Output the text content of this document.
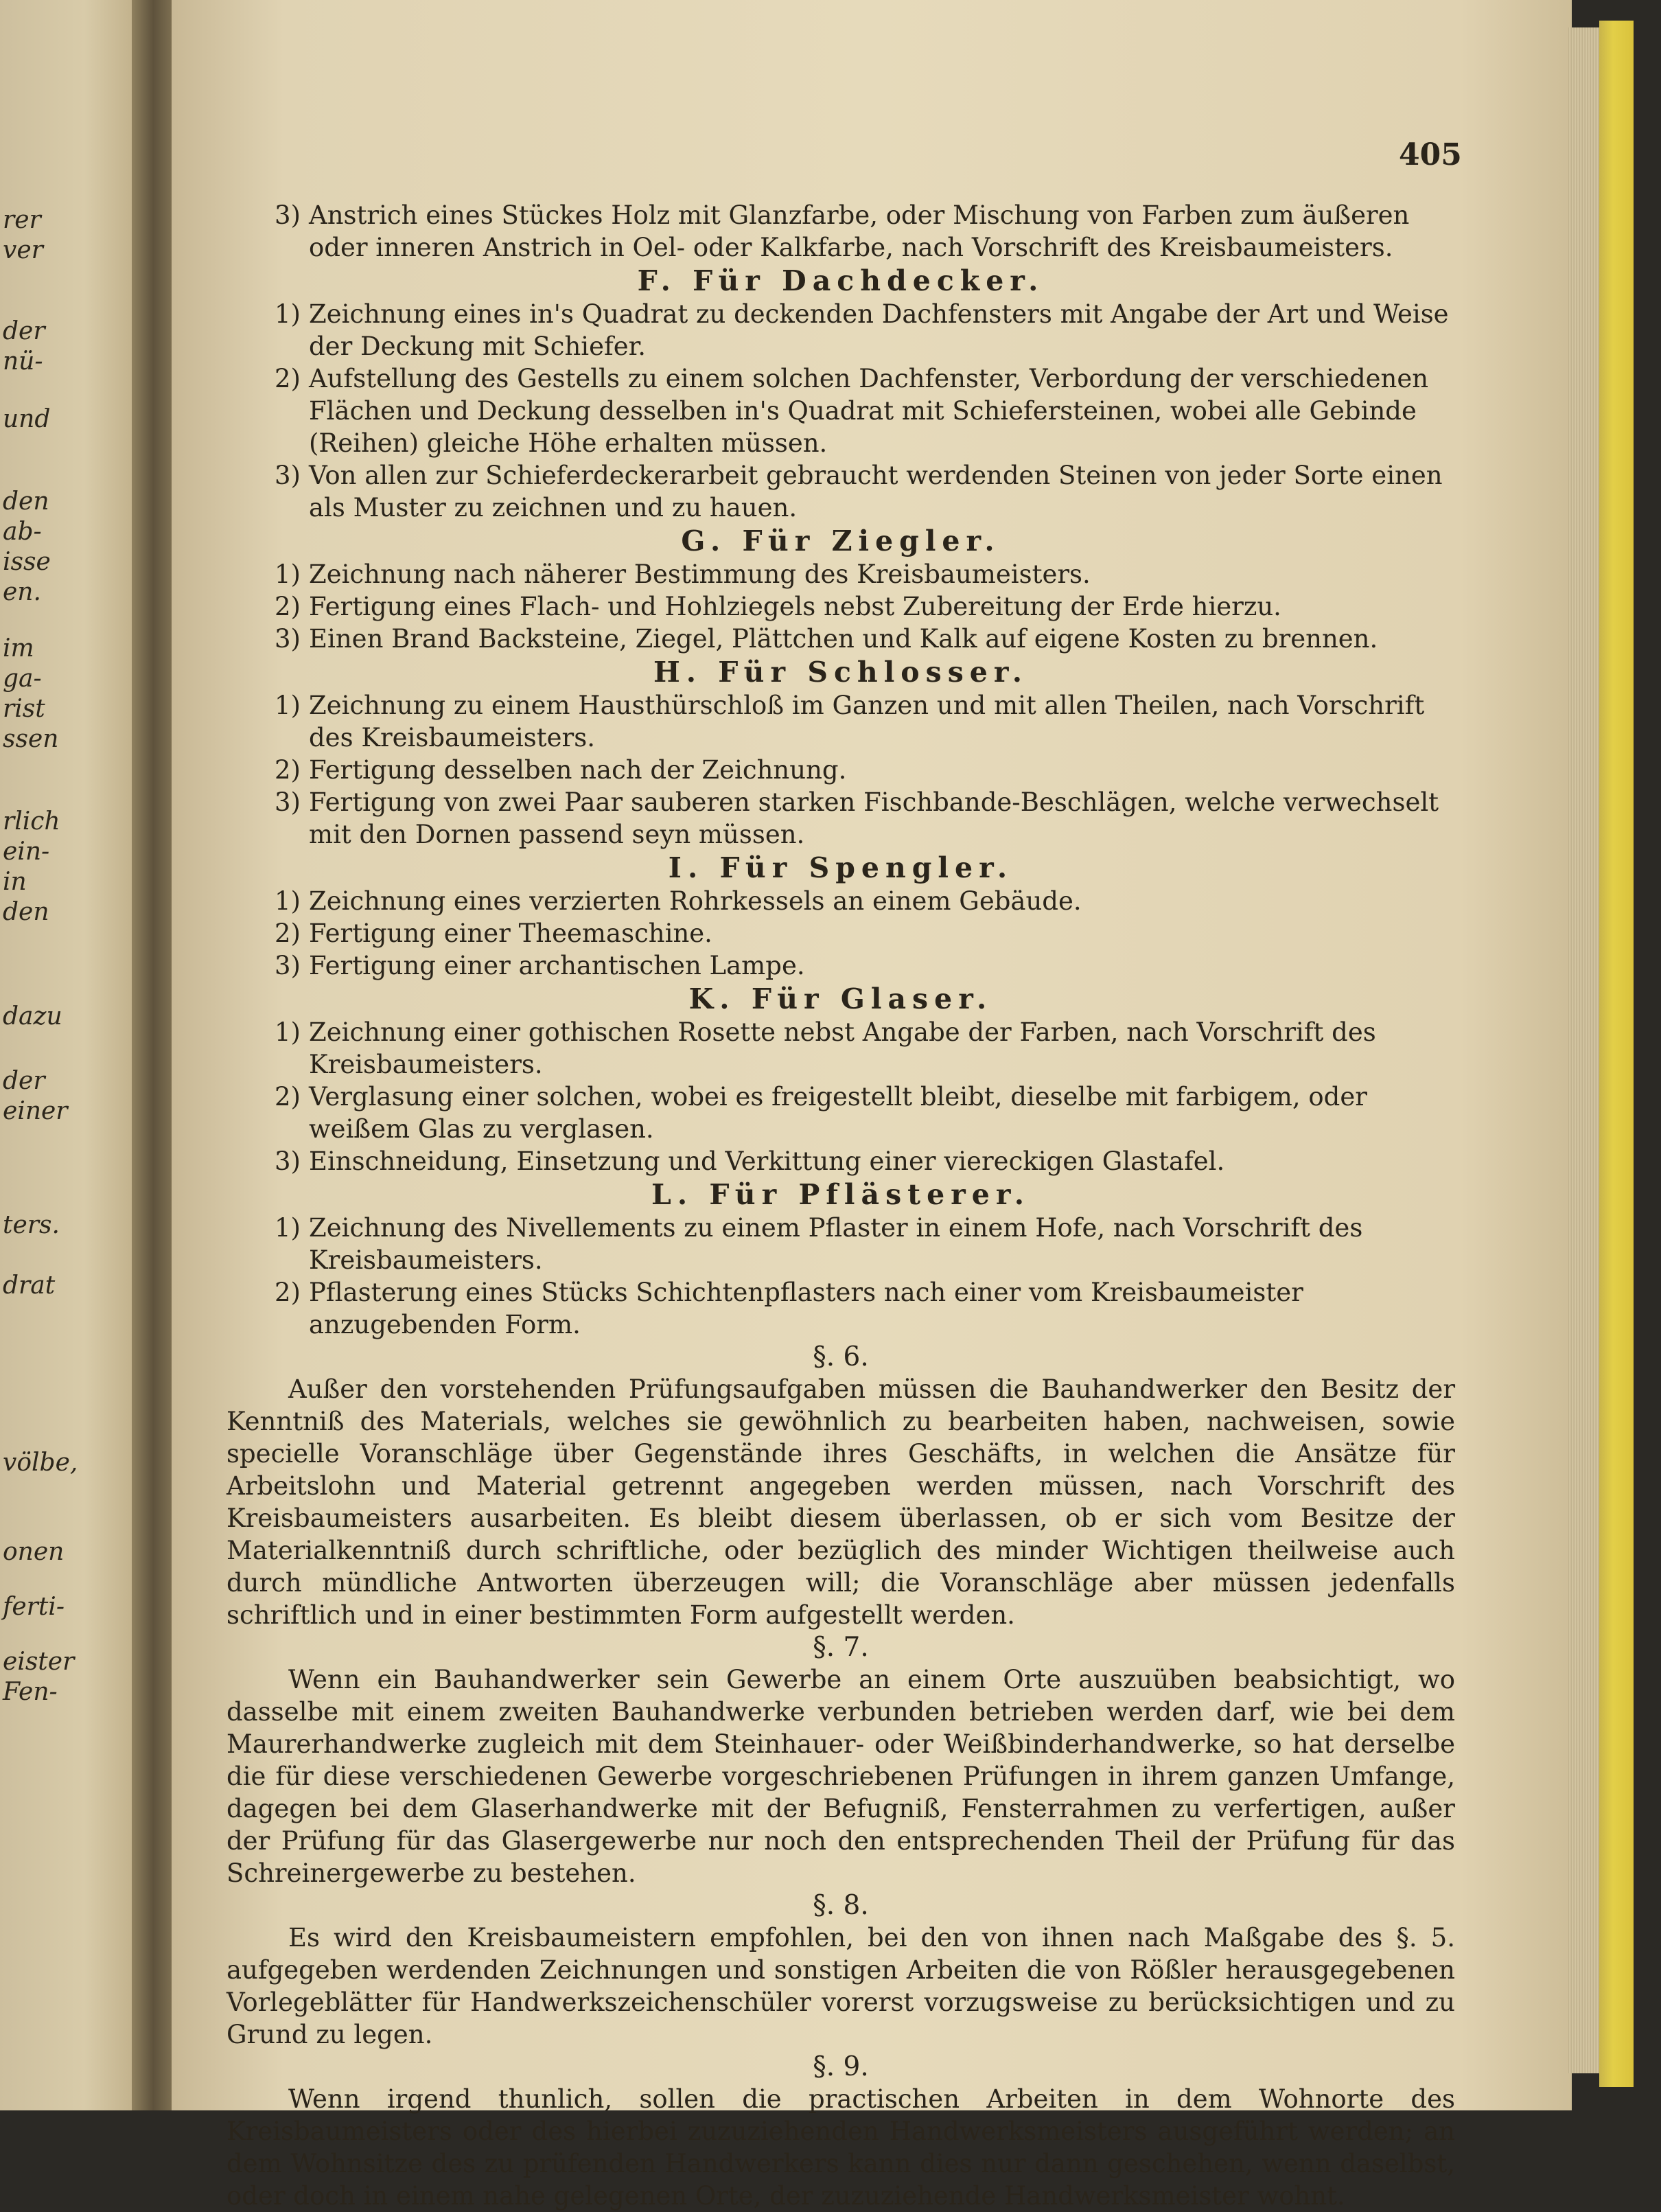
rer
ver
der
nü-
und
den
ab-
isse
en.
im
ga-
rist
ssen
rlich
ein-
in
den
dazu
der
einer
ters.
drat
völbe,
onen
ferti-
eister
Fen-
405
3) Anstrich eines Stückes Holz mit Glanzfarbe, oder Mischung von Farben zum äußeren oder inneren Anstrich in Oel- oder Kalkfarbe, nach Vorschrift des Kreisbaumeisters.
F. Für Dachdecker.
1) Zeichnung eines in's Quadrat zu deckenden Dachfensters mit Angabe der Art und Weise der Deckung mit Schiefer.
2) Aufstellung des Gestells zu einem solchen Dachfenster, Verbordung der verschiedenen Flächen und Deckung desselben in's Quadrat mit Schiefersteinen, wobei alle Gebinde (Reihen) gleiche Höhe erhalten müssen.
3) Von allen zur Schieferdeckerarbeit gebraucht werdenden Steinen von jeder Sorte einen als Muster zu zeichnen und zu hauen.
G. Für Ziegler.
1) Zeichnung nach näherer Bestimmung des Kreisbaumeisters.
2) Fertigung eines Flach- und Hohlziegels nebst Zubereitung der Erde hierzu.
3) Einen Brand Backsteine, Ziegel, Plättchen und Kalk auf eigene Kosten zu brennen.
H. Für Schlosser.
1) Zeichnung zu einem Hausthürschloß im Ganzen und mit allen Theilen, nach Vorschrift des Kreisbaumeisters.
2) Fertigung desselben nach der Zeichnung.
3) Fertigung von zwei Paar sauberen starken Fischbande-Beschlägen, welche verwechselt mit den Dornen passend seyn müssen.
I. Für Spengler.
1) Zeichnung eines verzierten Rohrkessels an einem Gebäude.
2) Fertigung einer Theemaschine.
3) Fertigung einer archantischen Lampe.
K. Für Glaser.
1) Zeichnung einer gothischen Rosette nebst Angabe der Farben, nach Vorschrift des Kreisbaumeisters.
2) Verglasung einer solchen, wobei es freigestellt bleibt, dieselbe mit farbigem, oder weißem Glas zu verglasen.
3) Einschneidung, Einsetzung und Verkittung einer viereckigen Glastafel.
L. Für Pflästerer.
1) Zeichnung des Nivellements zu einem Pflaster in einem Hofe, nach Vorschrift des Kreisbaumeisters.
2) Pflasterung eines Stücks Schichtenpflasters nach einer vom Kreisbaumeister anzugebenden Form.
§. 6.
Außer den vorstehenden Prüfungsaufgaben müssen die Bauhandwerker den Besitz der Kenntniß des Materials, welches sie gewöhnlich zu bearbeiten haben, nachweisen, sowie specielle Voranschläge über Gegenstände ihres Geschäfts, in welchen die Ansätze für Arbeitslohn und Material getrennt angegeben werden müssen, nach Vorschrift des Kreisbaumeisters ausarbeiten. Es bleibt diesem überlassen, ob er sich vom Besitze der Materialkenntniß durch schriftliche, oder bezüglich des minder Wichtigen theilweise auch durch mündliche Antworten überzeugen will; die Voranschläge aber müssen jedenfalls schriftlich und in einer bestimmten Form aufgestellt werden.
§. 7.
Wenn ein Bauhandwerker sein Gewerbe an einem Orte auszuüben beabsichtigt, wo dasselbe mit einem zweiten Bauhandwerke verbunden betrieben werden darf, wie bei dem Maurerhandwerke zugleich mit dem Steinhauer- oder Weißbinderhandwerke, so hat derselbe die für diese verschiedenen Gewerbe vorgeschriebenen Prüfungen in ihrem ganzen Umfange, dagegen bei dem Glaserhandwerke mit der Befugniß, Fensterrahmen zu verfertigen, außer der Prüfung für das Glasergewerbe nur noch den entsprechenden Theil der Prüfung für das Schreinergewerbe zu bestehen.
§. 8.
Es wird den Kreisbaumeistern empfohlen, bei den von ihnen nach Maßgabe des §. 5. aufgegeben werdenden Zeichnungen und sonstigen Arbeiten die von Rößler herausgegebenen Vorlegeblätter für Handwerkszeichenschüler vorerst vorzugsweise zu berücksichtigen und zu Grund zu legen.
§. 9.
Wenn irgend thunlich, sollen die practischen Arbeiten in dem Wohnorte des Kreisbaumeisters oder des hierbei zuzuziehenden Handwerksmeisters ausgeführt werden; an dem Wohnsitze des zu prüfenden Handwerkers kann dies nur dann geschehen, wenn daselbst, oder doch in einem nahe gelegenen Orte, der zuzuziehende Handwerksmeister wohnt.
